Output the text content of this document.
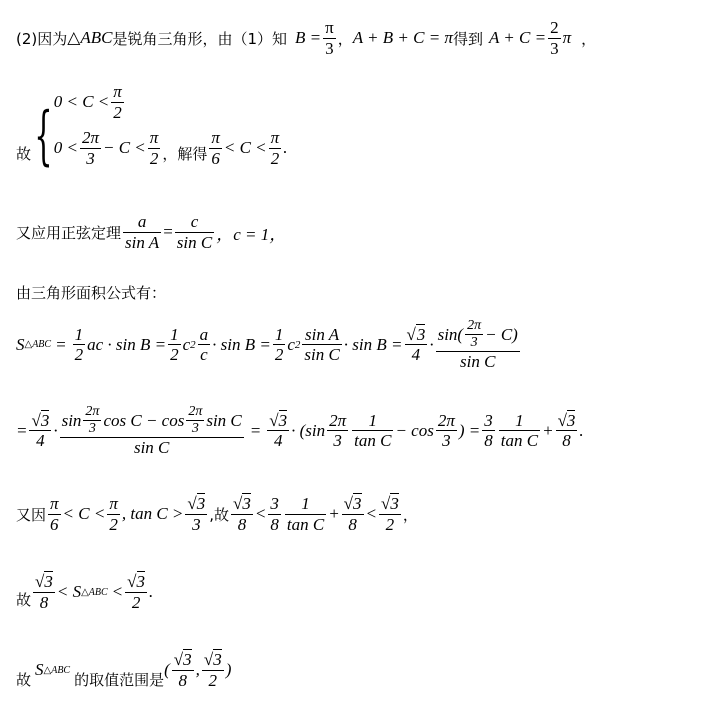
(2)因为 △ABC 是锐角三角形，由（1）知 $B = \frac{\pi}{3}$ ， A + B + C = π 得到 $A + C = \frac{2}{3}$ π ，
故 { $0 < C < \frac{\pi}{2}$
$0 < \frac{2\pi}{3} - C < \frac{\pi}{2}$ ，解得 $\frac{\pi}{6} < C < \frac{\pi}{2}$ .
又应用正弦定理 $\frac{a}{\text{sin A}} = \frac{c}{\text{sin C}}$ ，c = 1，
由三角形面积公式有：
S △ABC = $\frac{1}{2}$ ac · $\sin B = \frac{1}{2}$ c $2 \frac{a}{c} \cdot \sin B = \frac{1}{2}$ c $2 \frac{\text{sin A}}{\text{sin C}} \cdot \sin B = \frac{√3}{4} \cdot \frac{\sin( \frac{2\pi}{3} - C)}{\text{sin C}}$
= $\frac{√3}{4} \cdot \frac{\sin \frac{2\pi}{3} \cos C - \cos \frac{2\pi}{3} \sin C}{\text{sin C}} = \frac{√3}{4} \cdot (\sin \frac{2\pi}{3} \frac{1}{\text{tan C}} - \cos \frac{2\pi}{3}$ ) = $\frac{3}{8} \frac{1}{\text{tan C}} + \frac{√3}{8}$ .
又因 $\frac{\pi}{6} < C < \frac{\pi}{2}$ , $\tan C > \frac{√3}{3}$ ,故 $\frac{√3}{8} < \frac{3}{8} \frac{1}{\text{tan C}} + \frac{√3}{8} < \frac{√3}{2}$ ，
故 $\frac{√3}{8} < S$ △ABC < $\frac{√3}{2}$ .
故
S △ABC
的取值范围是
( $\frac{√3}{8}$ , $\frac{√3}{2}$ )
